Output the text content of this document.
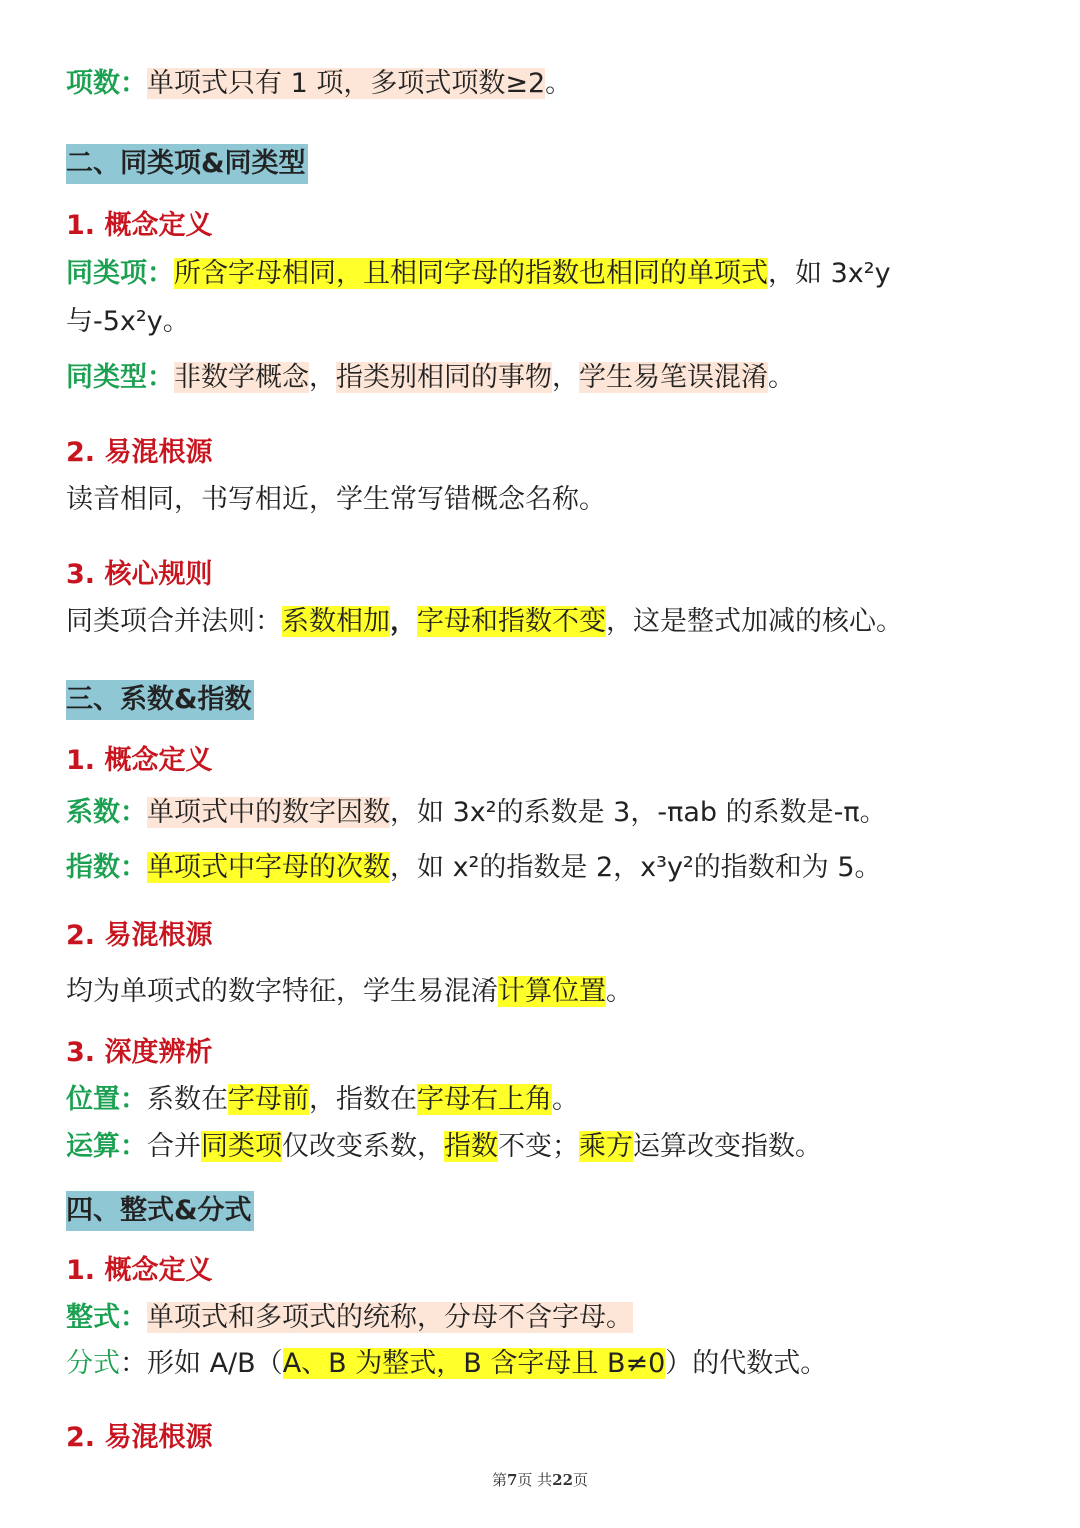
项数：单项式只有 1 项，多项式项数≥2。
二、同类项&同类型
1. 概念定义
同类项：所含字母相同，且相同字母的指数也相同的单项式，如 3x²y 与-5x²y。
同类型：非数学概念，指类别相同的事物，学生易笔误混淆。
2. 易混根源
读音相同，书写相近，学生常写错概念名称。
3. 核心规则
同类项合并法则：系数相加，字母和指数不变，这是整式加减的核心。
三、系数&指数
1. 概念定义
系数：单项式中的数字因数，如 3x²的系数是 3，-πab 的系数是-π。
指数：单项式中字母的次数，如 x²的指数是 2，x³y²的指数和为 5。
2. 易混根源
均为单项式的数字特征，学生易混淆计算位置。
3. 深度辨析
位置：系数在字母前，指数在字母右上角。
运算：合并同类项仅改变系数，指数不变；乘方运算改变指数。
四、整式&分式
1. 概念定义
整式：单项式和多项式的统称，分母不含字母。
分式：形如 A/B（A、B 为整式，B 含字母且 B≠0）的代数式。
2. 易混根源
第7页 共22页
